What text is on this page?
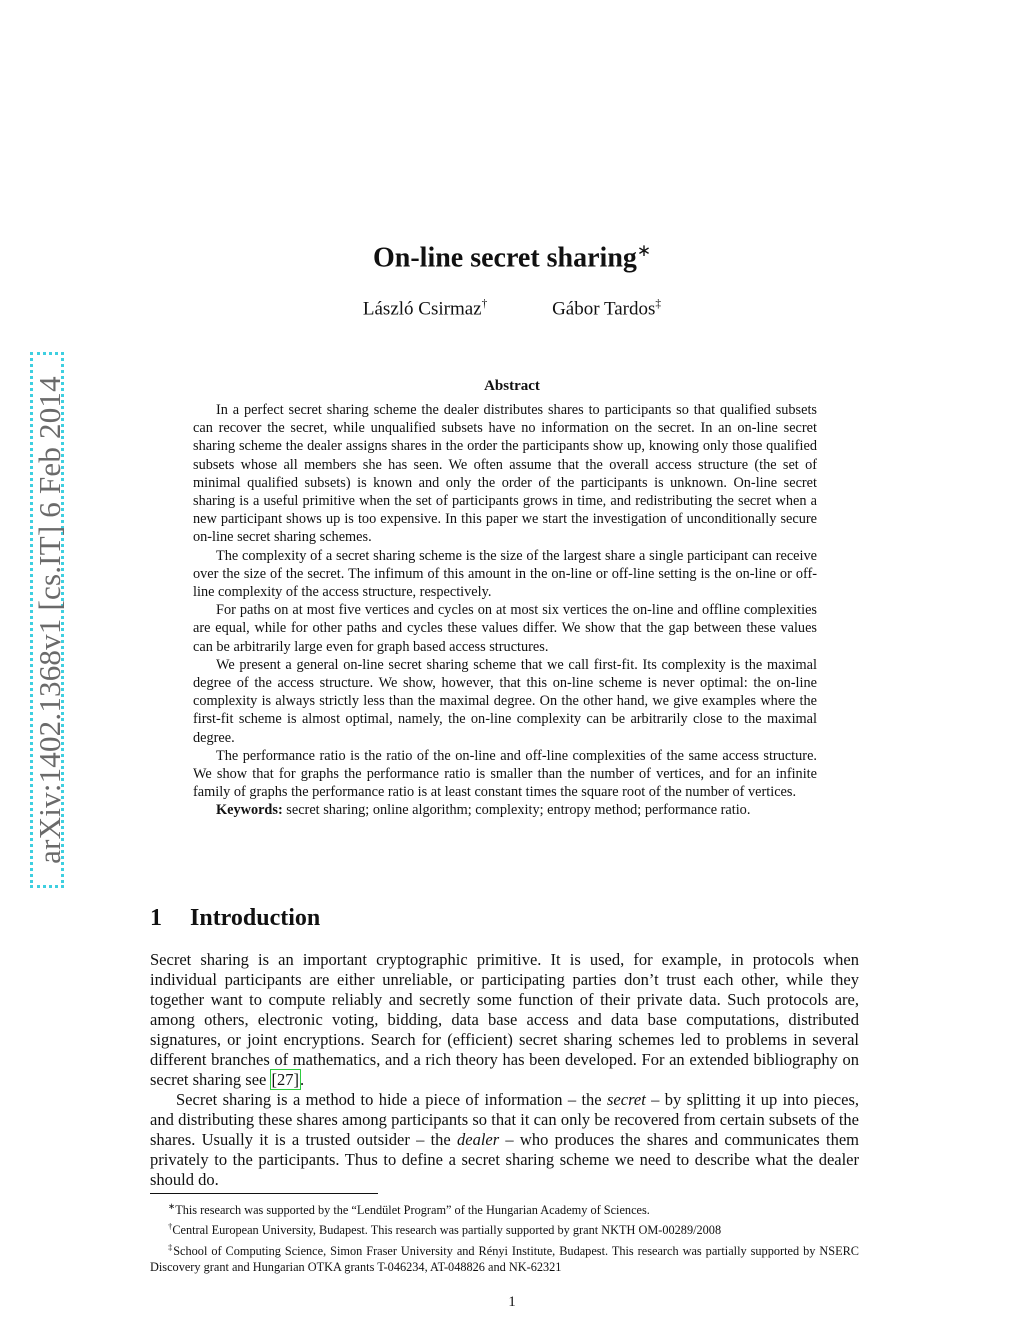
arXiv:1402.1368v1 [cs.IT] 6 Feb 2014
On-line secret sharing∗
László Csirmaz†	Gábor Tardos‡
Abstract

In a perfect secret sharing scheme the dealer distributes shares to participants so that qualified subsets can recover the secret, while unqualified subsets have no information on the secret. In an on-line secret sharing scheme the dealer assigns shares in the order the participants show up, knowing only those qualified subsets whose all members she has seen. We often assume that the overall access structure (the set of minimal qualified subsets) is known and only the order of the participants is unknown. On-line secret sharing is a useful primitive when the set of participants grows in time, and redistributing the secret when a new participant shows up is too expensive. In this paper we start the investigation of unconditionally secure on-line secret sharing schemes.

The complexity of a secret sharing scheme is the size of the largest share a single participant can receive over the size of the secret. The infimum of this amount in the on-line or off-line setting is the on-line or off-line complexity of the access structure, respectively.

For paths on at most five vertices and cycles on at most six vertices the on-line and offline complexities are equal, while for other paths and cycles these values differ. We show that the gap between these values can be arbitrarily large even for graph based access structures.

We present a general on-line secret sharing scheme that we call first-fit. Its complexity is the maximal degree of the access structure. We show, however, that this on-line scheme is never optimal: the on-line complexity is always strictly less than the maximal degree. On the other hand, we give examples where the first-fit scheme is almost optimal, namely, the on-line complexity can be arbitrarily close to the maximal degree.

The performance ratio is the ratio of the on-line and off-line complexities of the same access structure. We show that for graphs the performance ratio is smaller than the number of vertices, and for an infinite family of graphs the performance ratio is at least constant times the square root of the number of vertices.

Keywords: secret sharing; online algorithm; complexity; entropy method; performance ratio.

1 Introduction

Secret sharing is an important cryptographic primitive. It is used, for example, in protocols when individual participants are either unreliable, or participating parties don’t trust each other, while they together want to compute reliably and secretly some function of their private data. Such protocols are, among others, electronic voting, bidding, data base access and data base computations, distributed signatures, or joint encryptions. Search for (efficient) secret sharing schemes led to problems in several different branches of mathematics, and a rich theory has been developed. For an extended bibliography on secret sharing see [27].

Secret sharing is a method to hide a piece of information – the secret – by splitting it up into pieces, and distributing these shares among participants so that it can only be recovered from certain subsets of the shares. Usually it is a trusted outsider – the dealer – who produces the shares and communicates them privately to the participants. Thus to define a secret sharing scheme we need to describe what the dealer should do.

∗This research was supported by the “Lendület Program” of the Hungarian Academy of Sciences.

†Central European University, Budapest. This research was partially supported by grant NKTH OM-00289/2008

‡School of Computing Science, Simon Fraser University and Rényi Institute, Budapest. This research was partially supported by NSERC Discovery grant and Hungarian OTKA grants T-046234, AT-048826 and NK-62321

1
